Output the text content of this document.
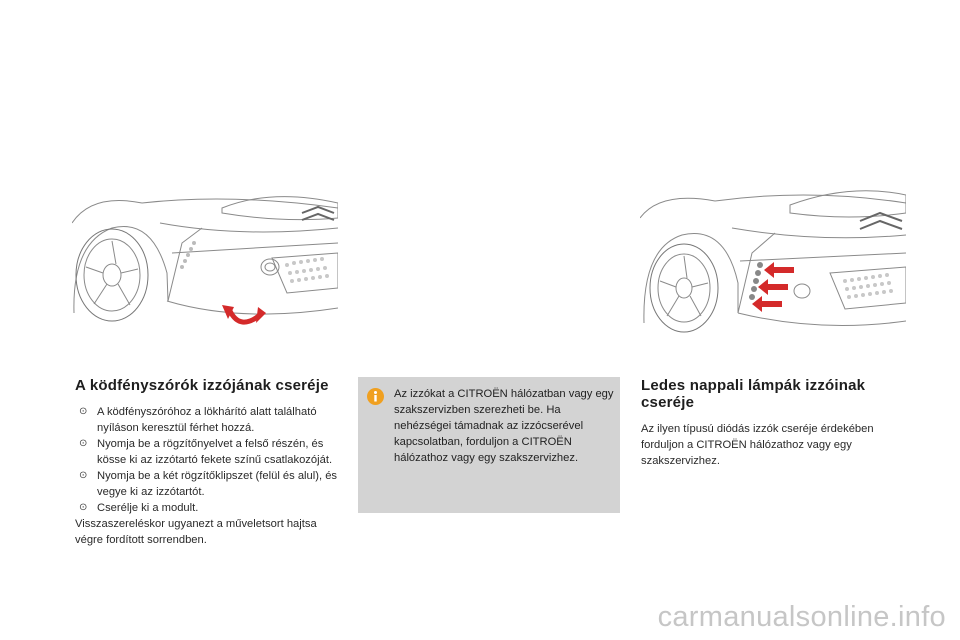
A ködfényszórók izzójának cseréje
⊙ A ködfényszóróhoz a lökhárító alatt található nyíláson keresztül férhet hozzá.
⊙ Nyomja be a rögzítőnyelvet a felső részén, és kösse ki az izzótartó fekete színű csatlakozóját.
⊙ Nyomja be a két rögzítőklipszet (felül és alul), és vegye ki az izzótartót.
⊙ Cserélje ki a modult.

Visszaszereléskor ugyanezt a műveletsort hajtsa végre fordított sorrendben.

Az izzókat a CITROËN hálózatban vagy egy szakszervizben szerezheti be. Ha nehézségei támadnak az izzócserével kapcsolatban, forduljon a CITROËN hálózathoz vagy egy szakszervizhez.

Ledes nappali lámpák izzóinak cseréje

Az ilyen típusú diódás izzók cseréje érdekében forduljon a CITROËN hálózathoz vagy egy szakszervizhez.

carmanualsonline.info
